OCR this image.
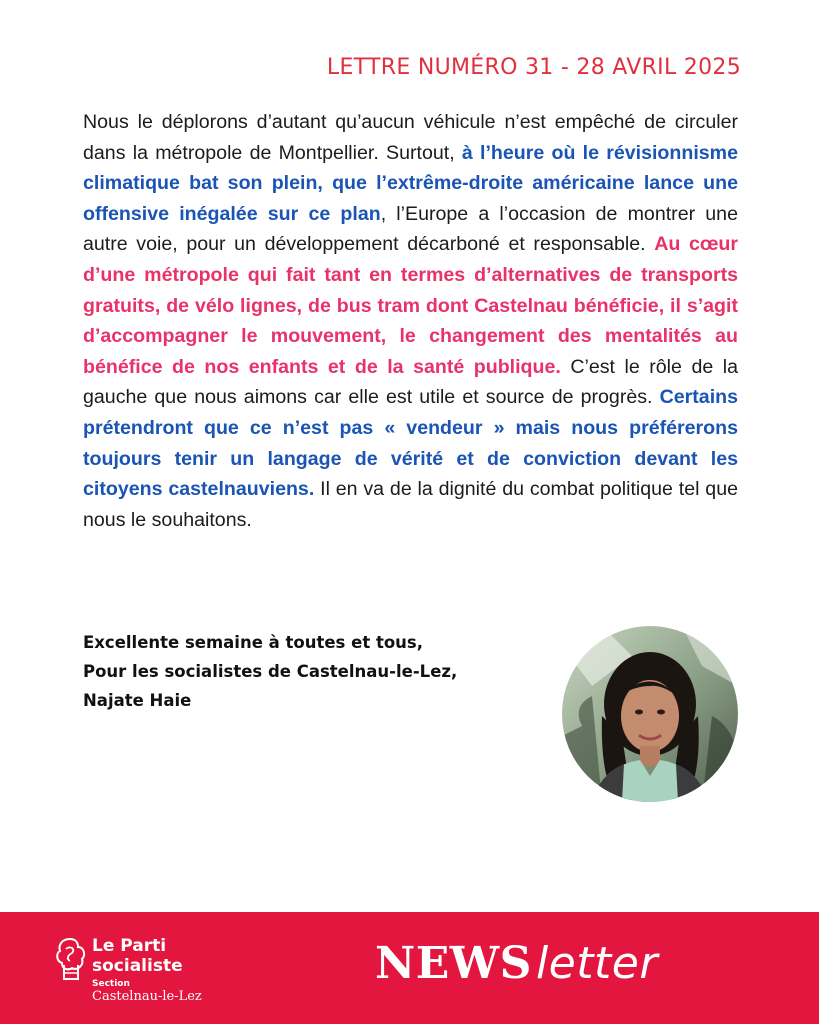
LETTRE NUMÉRO 31 - 28 AVRIL 2025
Nous le déplorons d’autant qu’aucun véhicule n’est empêché de circuler dans la métropole de Montpellier. Surtout, à l’heure où le révisionnisme climatique bat son plein, que l’extrême-droite américaine lance une offensive inégalée sur ce plan, l’Europe a l’occasion de montrer une autre voie, pour un développement décarboné et responsable. Au cœur d’une métropole qui fait tant en termes d’alternatives de transports gratuits, de vélo lignes, de bus tram dont Castelnau bénéficie, il s’agit d’accompagner le mouvement, le changement des mentalités au bénéfice de nos enfants et de la santé publique. C’est le rôle de la gauche que nous aimons car elle est utile et source de progrès. Certains prétendront que ce n’est pas « vendeur » mais nous préférerons toujours tenir un langage de vérité et de conviction devant les citoyens castelnauviens. Il en va de la dignité du combat politique tel que nous le souhaitons.
Excellente semaine à toutes et tous,
Pour les socialistes de Castelnau-le-Lez,
Najate Haie
Le Parti
socialiste
Section
Castelnau-le-Lez
NEWSletter
